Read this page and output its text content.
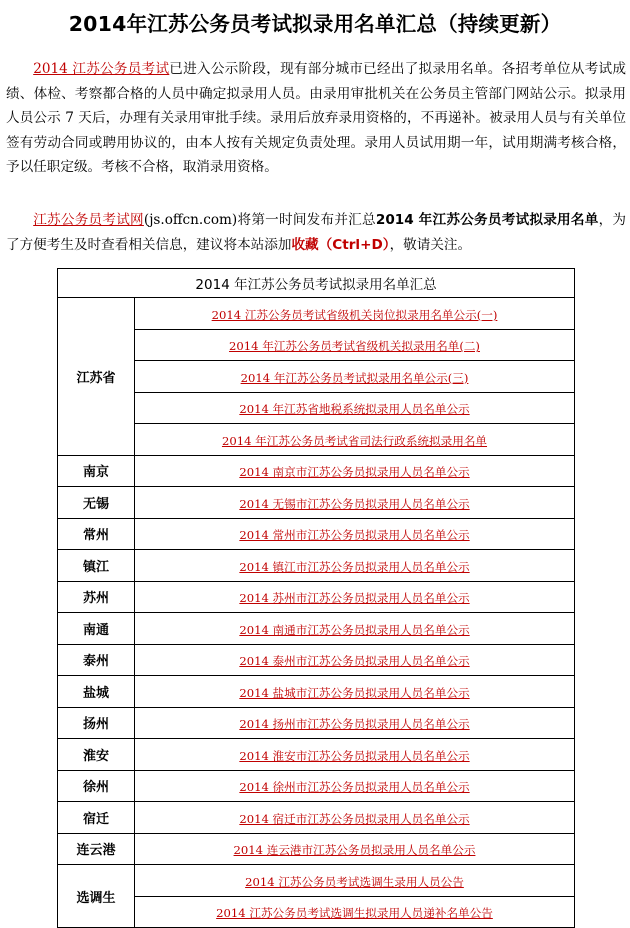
2014年江苏公务员考试拟录用名单汇总（持续更新）

2014 江苏公务员考试已进入公示阶段，现有部分城市已经出了拟录用名单。各招考单位从考试成绩、体检、考察都合格的人员中确定拟录用人员。由录用审批机关在公务员主管部门网站公示。拟录用人员公示 7 天后，办理有关录用审批手续。录用后放弃录用资格的，不再递补。被录用人员与有关单位签有劳动合同或聘用协议的，由本人按有关规定负责处理。录用人员试用期一年，试用期满考核合格，予以任职定级。考核不合格，取消录用资格。

江苏公务员考试网(js.offcn.com)将第一时间发布并汇总2014 年江苏公务员考试拟录用名单，为了方便考生及时查看相关信息，建议将本站添加收藏（Ctrl+D），敬请关注。

2014 年江苏公务员考试拟录用名单汇总	
江苏省	2014 江苏公务员考试省级机关岗位拟录用名单公示(一)
	2014 年江苏公务员考试省级机关拟录用名单(二)
	2014 年江苏公务员考试拟录用名单公示(三)
	2014 年江苏省地税系统拟录用人员名单公示
	2014 年江苏公务员考试省司法行政系统拟录用名单
南京	2014 南京市江苏公务员拟录用人员名单公示
无锡	2014 无锡市江苏公务员拟录用人员名单公示
常州	2014 常州市江苏公务员拟录用人员名单公示
镇江	2014 镇江市江苏公务员拟录用人员名单公示
苏州	2014 苏州市江苏公务员拟录用人员名单公示
南通	2014 南通市江苏公务员拟录用人员名单公示
泰州	2014 泰州市江苏公务员拟录用人员名单公示
盐城	2014 盐城市江苏公务员拟录用人员名单公示
扬州	2014 扬州市江苏公务员拟录用人员名单公示
淮安	2014 淮安市江苏公务员拟录用人员名单公示
徐州	2014 徐州市江苏公务员拟录用人员名单公示
宿迁	2014 宿迁市江苏公务员拟录用人员名单公示
连云港	2014 连云港市江苏公务员拟录用人员名单公示
选调生	2014 江苏公务员考试选调生录用人员公告
	2014 江苏公务员考试选调生拟录用人员递补名单公告
